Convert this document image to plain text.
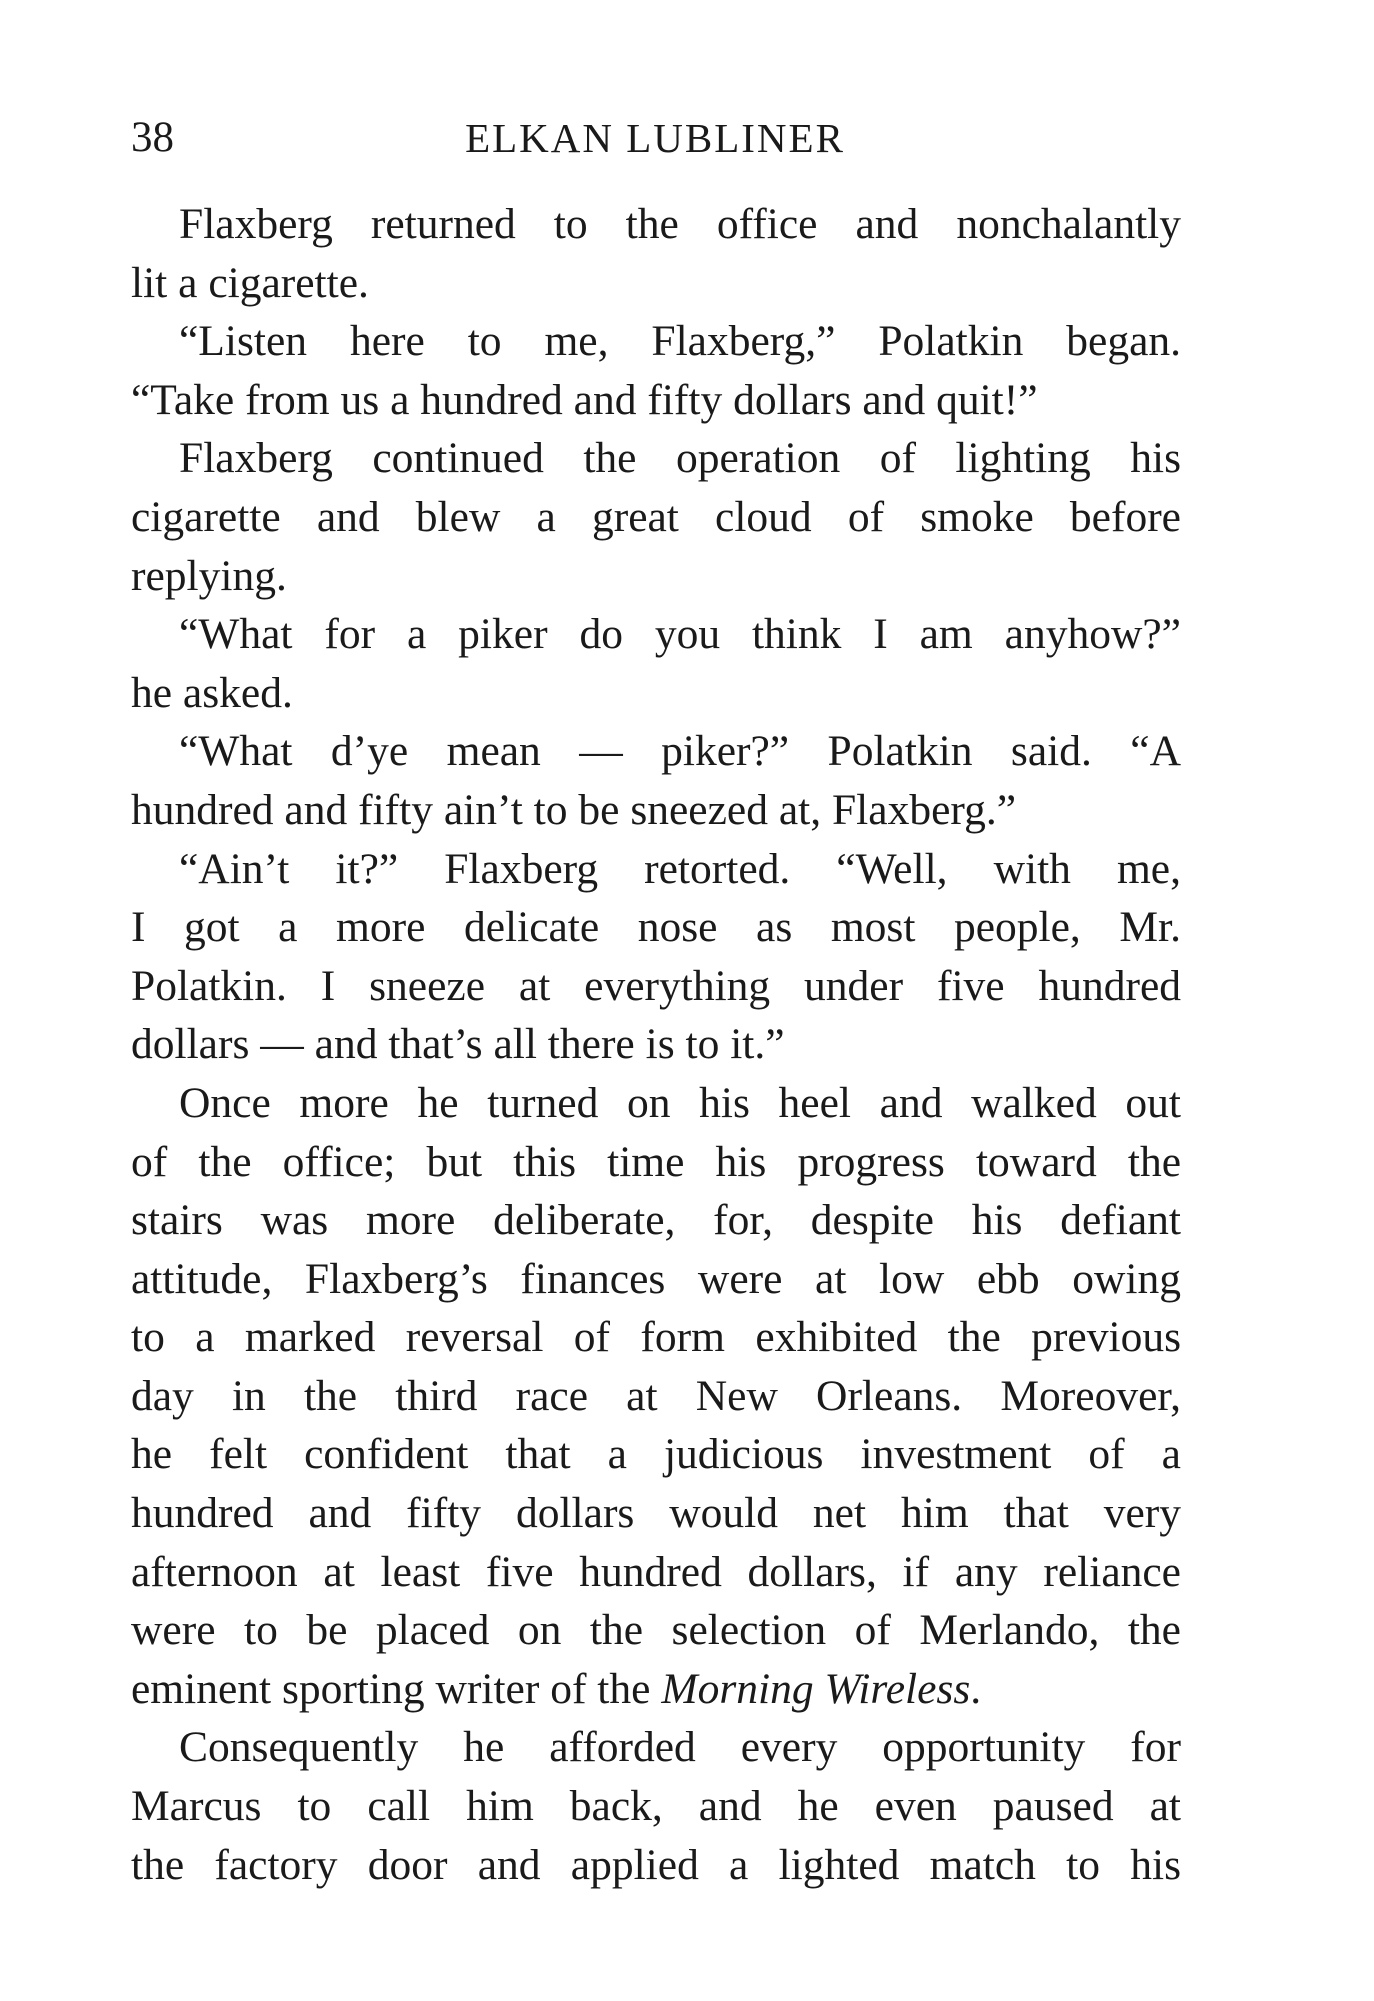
38	ELKAN LUBLINER

Flaxberg returned to the office and nonchalantly
lit a cigarette.

“Listen here to me, Flaxberg,” Polatkin began.
“Take from us a hundred and fifty dollars and quit!”

Flaxberg continued the operation of lighting his
cigarette and blew a great cloud of smoke before
replying.

“What for a piker do you think I am anyhow?”
he asked.

“What d’ye mean — piker?” Polatkin said. “A
hundred and fifty ain’t to be sneezed at, Flaxberg.”

“Ain’t it?” Flaxberg retorted. “Well, with me,
I got a more delicate nose as most people, Mr.
Polatkin. I sneeze at everything under five hundred
dollars — and that’s all there is to it.”

Once more he turned on his heel and walked out
of the office; but this time his progress toward the
stairs was more deliberate, for, despite his defiant
attitude, Flaxberg’s finances were at low ebb owing
to a marked reversal of form exhibited the previous
day in the third race at New Orleans. Moreover,
he felt confident that a judicious investment of a
hundred and fifty dollars would net him that very
afternoon at least five hundred dollars, if any reliance
were to be placed on the selection of Merlando, the
eminent sporting writer of the Morning Wireless.

Consequently he afforded every opportunity for
Marcus to call him back, and he even paused at
the factory door and applied a lighted match to his
